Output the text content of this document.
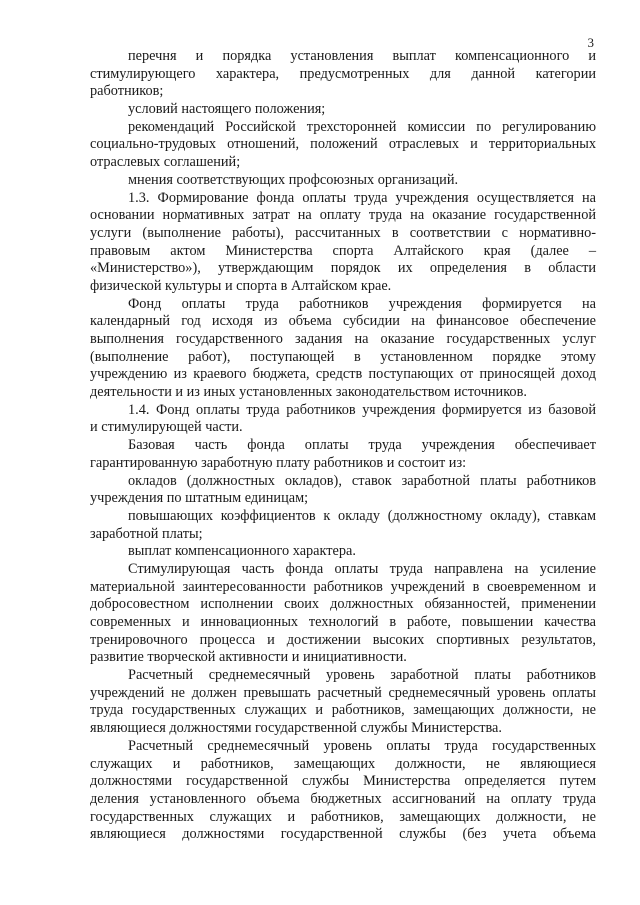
3
перечня и порядка установления выплат компенсационного и
стимулирующего характера, предусмотренных для данной категории
работников;
условий настоящего положения;
рекомендаций Российской трехсторонней комиссии по регулированию
социально-трудовых отношений, положений отраслевых и территориальных
отраслевых соглашений;
мнения соответствующих профсоюзных организаций.
1.3. Формирование фонда оплаты труда учреждения осуществляется на
основании нормативных затрат на оплату труда на оказание государственной
услуги (выполнение работы), рассчитанных в соответствии с нормативно-
правовым актом Министерства спорта Алтайского края (далее –
«Министерство»), утверждающим порядок их определения в области
физической культуры и спорта в Алтайском крае.
Фонд оплаты труда работников учреждения формируется на
календарный год исходя из объема субсидии на финансовое обеспечение
выполнения государственного задания на оказание государственных услуг
(выполнение работ), поступающей в установленном порядке этому
учреждению из краевого бюджета, средств поступающих от приносящей доход
деятельности и из иных установленных законодательством источников.
1.4. Фонд оплаты труда работников учреждения формируется из базовой
и стимулирующей части.
Базовая часть фонда оплаты труда учреждения обеспечивает
гарантированную заработную плату работников и состоит из:
окладов (должностных окладов), ставок заработной платы работников
учреждения по штатным единицам;
повышающих коэффициентов к окладу (должностному окладу), ставкам
заработной платы;
выплат компенсационного характера.
Стимулирующая часть фонда оплаты труда направлена на усиление
материальной заинтересованности работников учреждений в своевременном и
добросовестном исполнении своих должностных обязанностей, применении
современных и инновационных технологий в работе, повышении качества
тренировочного процесса и достижении высоких спортивных результатов,
развитие творческой активности и инициативности.
Расчетный среднемесячный уровень заработной платы работников
учреждений не должен превышать расчетный среднемесячный уровень оплаты
труда государственных служащих и работников, замещающих должности, не
являющиеся должностями государственной службы Министерства.
Расчетный среднемесячный уровень оплаты труда государственных
служащих и работников, замещающих должности, не являющиеся
должностями государственной службы Министерства определяется путем
деления установленного объема бюджетных ассигнований на оплату труда
государственных служащих и работников, замещающих должности, не
являющиеся должностями государственной службы (без учета объема
